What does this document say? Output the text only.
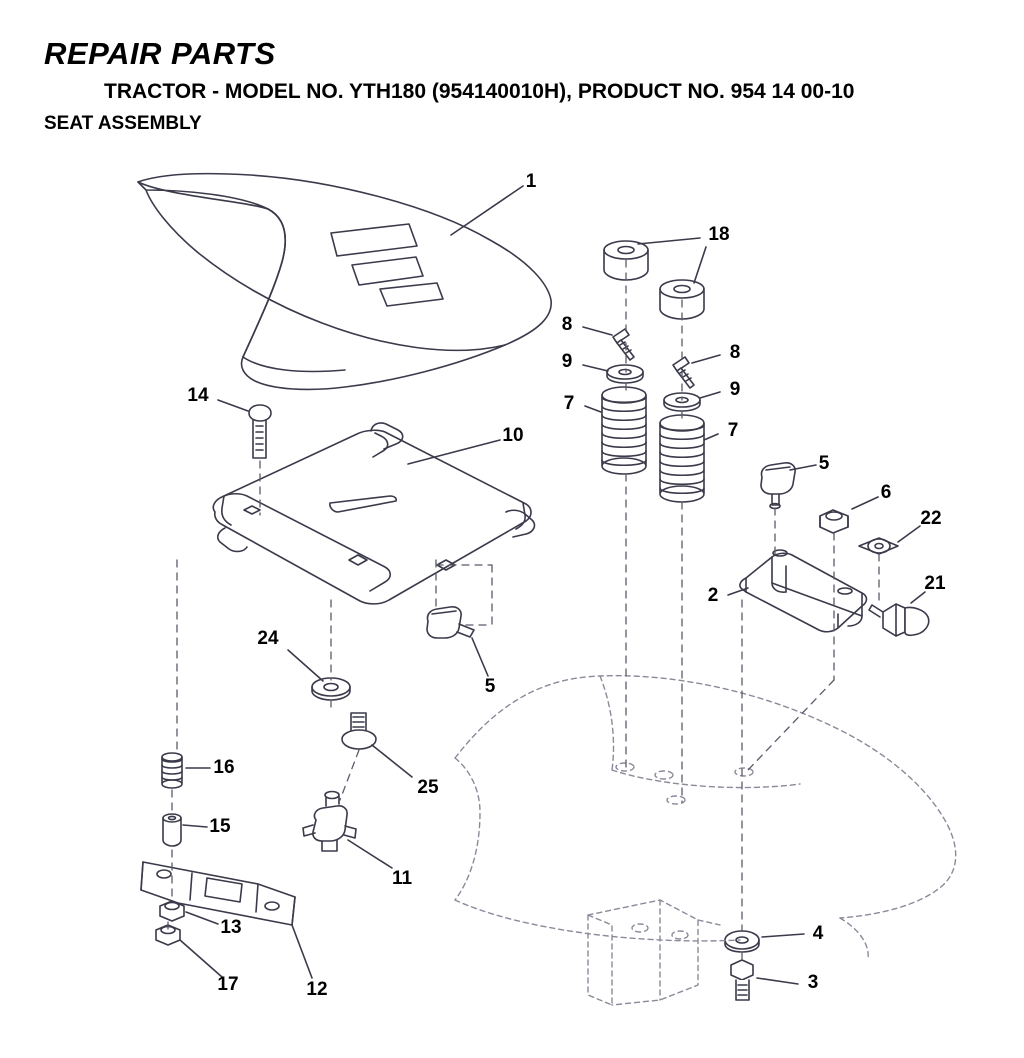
REPAIR PARTS
TRACTOR - MODEL NO. YTH180 (954140010H), PRODUCT NO. 954 14 00-10
SEAT ASSEMBLY
1
18
8
8
9
9
7
7
14
10
5
6
22
2
21
24
5
16
25
15
11
13	4
17	12	3
